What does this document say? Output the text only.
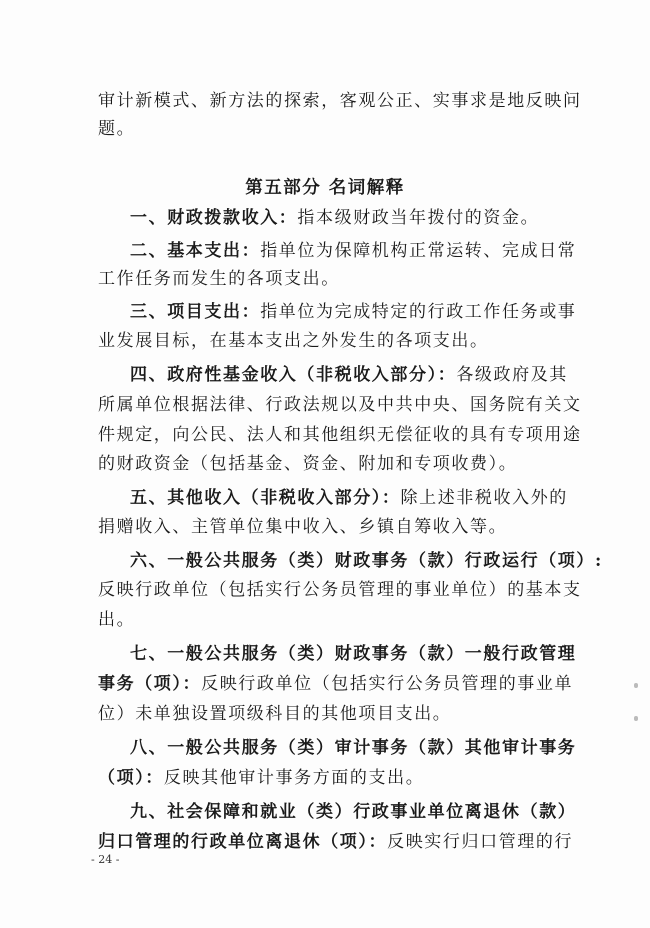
审计新模式、新方法的探索，客观公正、实事求是地反映问
题。
第五部分 名词解释
一、财政拨款收入：指本级财政当年拨付的资金。
二、基本支出：指单位为保障机构正常运转、完成日常
工作任务而发生的各项支出。
三、项目支出：指单位为完成特定的行政工作任务或事
业发展目标，在基本支出之外发生的各项支出。
四、政府性基金收入（非税收入部分）：各级政府及其
所属单位根据法律、行政法规以及中共中央、国务院有关文
件规定，向公民、法人和其他组织无偿征收的具有专项用途
的财政资金（包括基金、资金、附加和专项收费）。
五、其他收入（非税收入部分）：除上述非税收入外的
捐赠收入、主管单位集中收入、乡镇自筹收入等。
六、一般公共服务（类）财政事务（款）行政运行（项）:
反映行政单位（包括实行公务员管理的事业单位）的基本支
出。
七、一般公共服务（类）财政事务（款）一般行政管理
事务（项）：反映行政单位（包括实行公务员管理的事业单
位）未单独设置项级科目的其他项目支出。
八、一般公共服务（类）审计事务（款）其他审计事务
（项）：反映其他审计事务方面的支出。
九、社会保障和就业（类）行政事业单位离退休（款）
归口管理的行政单位离退休（项）：反映实行归口管理的行
- 24 -
